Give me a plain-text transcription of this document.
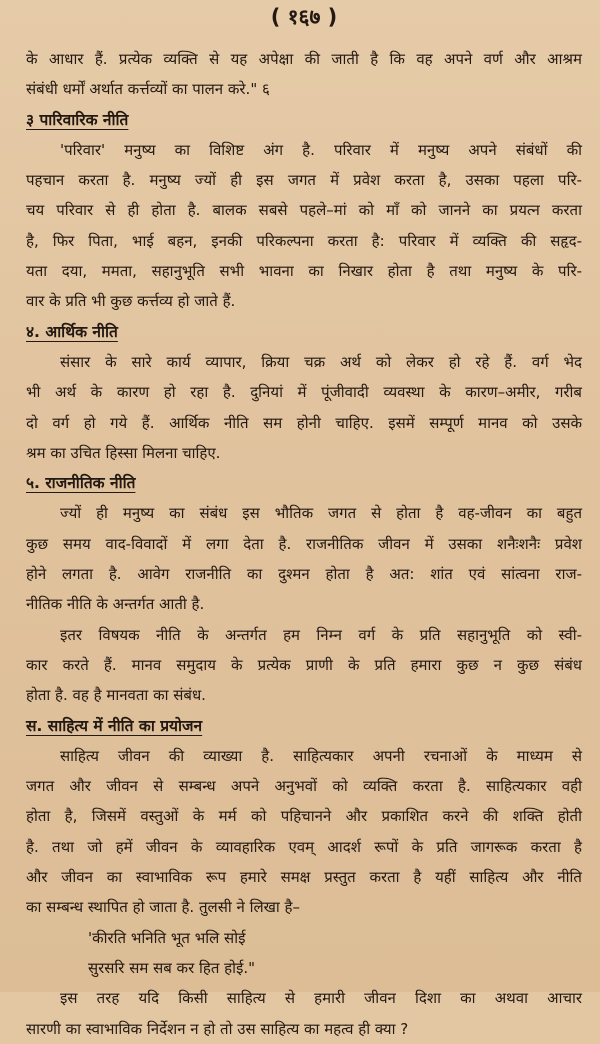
( १६७ )
के आधार हैं. प्रत्येक व्यक्ति से यह अपेक्षा की जाती है कि वह अपने वर्ण और आश्रम
संबंधी धर्मों अर्थात कर्त्तव्यों का पालन करे." ६
३ पारिवारिक नीति
'परिवार' मनुष्य का विशिष्ट अंग है. परिवार में मनुष्य अपने संबंधों की
पहचान करता है. मनुष्य ज्यों ही इस जगत में प्रवेश करता है, उसका पहला परि-
चय परिवार से ही होता है. बालक सबसे पहले–मां को माँ को जानने का प्रयत्न करता
है, फिर पिता, भाई बहन, इनकी परिकल्पना करता है: परिवार में व्यक्ति की सहृद-
यता दया, ममता, सहानुभूति सभी भावना का निखार होता है तथा मनुष्य के परि-
वार के प्रति भी कुछ कर्त्तव्य हो जाते हैं.
४. आर्थिक नीति
संसार के सारे कार्य व्यापार, क्रिया चक्र अर्थ को लेकर हो रहे हैं. वर्ग भेद
भी अर्थ के कारण हो रहा है. दुनियां में पूंजीवादी व्यवस्था के कारण–अमीर, गरीब
दो वर्ग हो गये हैं. आर्थिक नीति सम होनी चाहिए. इसमें सम्पूर्ण मानव को उसके
श्रम का उचित हिस्सा मिलना चाहिए.
५. राजनीतिक नीति
ज्यों ही मनुष्य का संबंध इस भौतिक जगत से होता है वह-जीवन का बहुत
कुछ समय वाद-विवादों में लगा देता है. राजनीतिक जीवन में उसका शनैःशनैः प्रवेश
होने लगता है. आवेग राजनीति का दुश्मन होता है अत: शांत एवं सांत्वना राज-
नीतिक नीति के अन्तर्गत आती है.
इतर विषयक नीति के अन्तर्गत हम निम्न वर्ग के प्रति सहानुभूति को स्वी-
कार करते हैं. मानव समुदाय के प्रत्येक प्राणी के प्रति हमारा कुछ न कुछ संबंध
होता है. वह है मानवता का संबंध.
स. साहित्य में नीति का प्रयोजन
साहित्य जीवन की व्याख्या है. साहित्यकार अपनी रचनाओं के माध्यम से
जगत और जीवन से सम्बन्ध अपने अनुभवों को व्यक्ति करता है. साहित्यकार वही
होता है, जिसमें वस्तुओं के मर्म को पहिचानने और प्रकाशित करने की शक्ति होती
है. तथा जो हमें जीवन के व्यावहारिक एवम् आदर्श रूपों के प्रति जागरूक करता है
और जीवन का स्वाभाविक रूप हमारे समक्ष प्रस्तुत करता है यहीं साहित्य और नीति
का सम्बन्ध स्थापित हो जाता है. तुलसी ने लिखा है–
'कीरति भनिति भूत भलि सोई
सुरसरि सम सब कर हित होई."
इस तरह यदि किसी साहित्य से हमारी जीवन दिशा का अथवा आचार
सारणी का स्वाभाविक निर्देशन न हो तो उस साहित्य का महत्व ही क्या ?
